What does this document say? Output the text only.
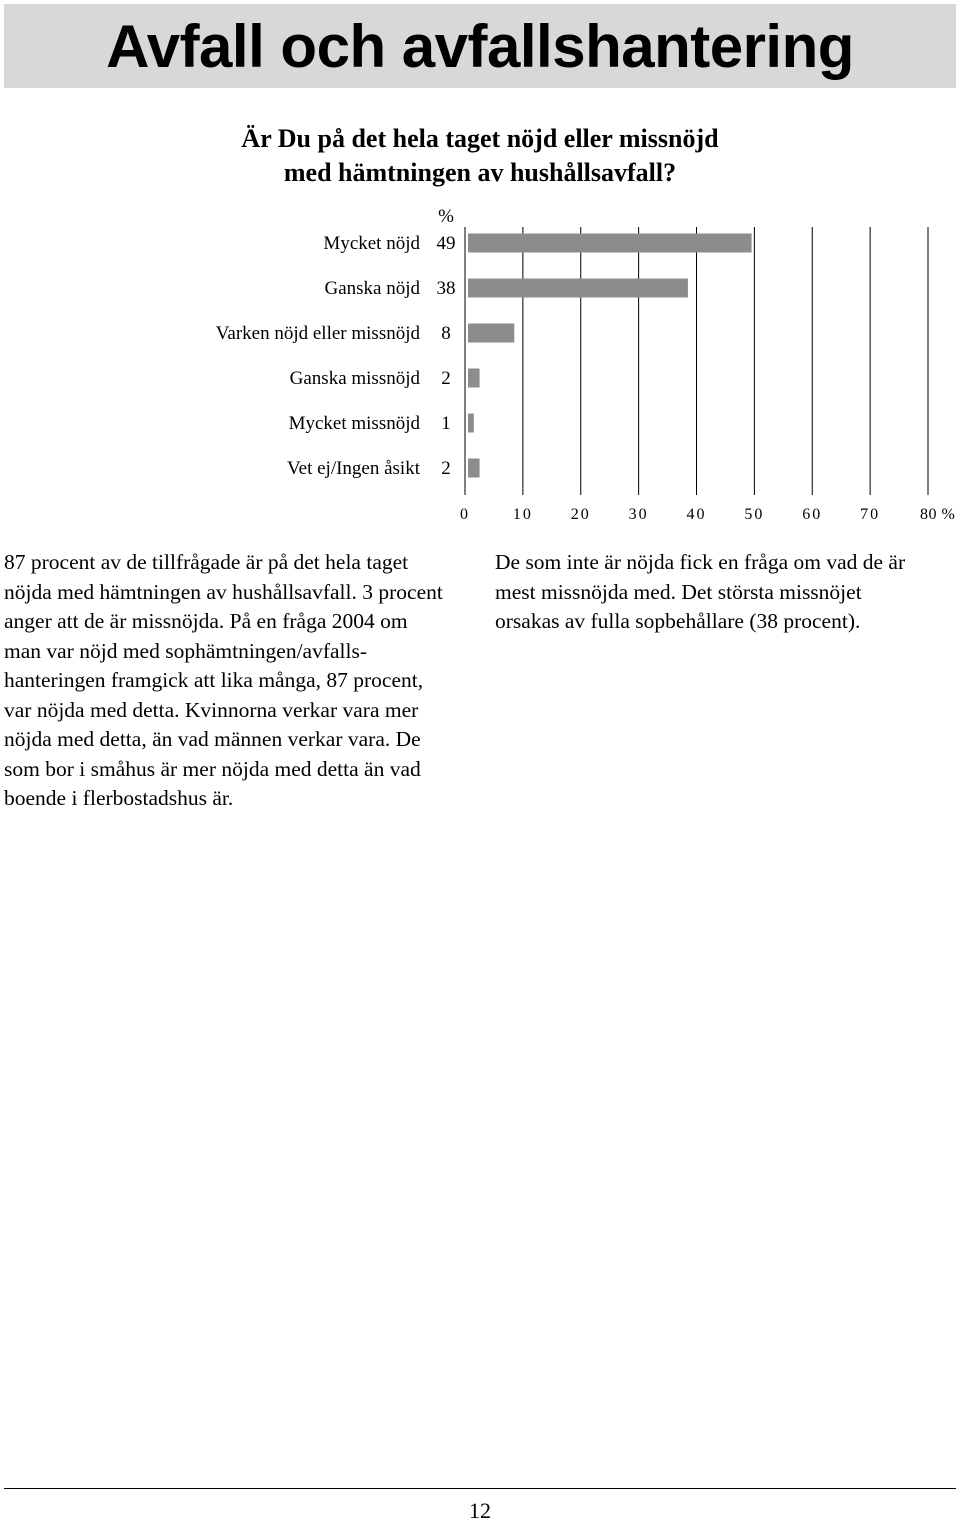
Avfall och avfallshantering
Är Du på det hela taget nöjd eller missnöjd
med hämtningen av hushållsavfall?
%
Mycket nöjd 49
Ganska nöjd 38
Varken nöjd eller missnöjd 8
Ganska missnöjd 2
Mycket missnöjd 1
Vet ej/Ingen åsikt 2
0	10 20 30 40 50 60 70 80 %
87 procent av de tillfrågade är på det hela taget
nöjda med hämtningen av hushållsavfall. 3 procent
anger att de är missnöjda. På en fråga 2004 om
man var nöjd med sophämtningen/avfalls-
hanteringen framgick att lika många, 87 procent,
var nöjda med detta. Kvinnorna verkar vara mer
nöjda med detta, än vad männen verkar vara. De
som bor i småhus är mer nöjda med detta än vad
boende i flerbostadshus är.
De som inte är nöjda fick en fråga om vad de är
mest missnöjda med. Det största missnöjet
orsakas av fulla sopbehållare (38 procent).
12
